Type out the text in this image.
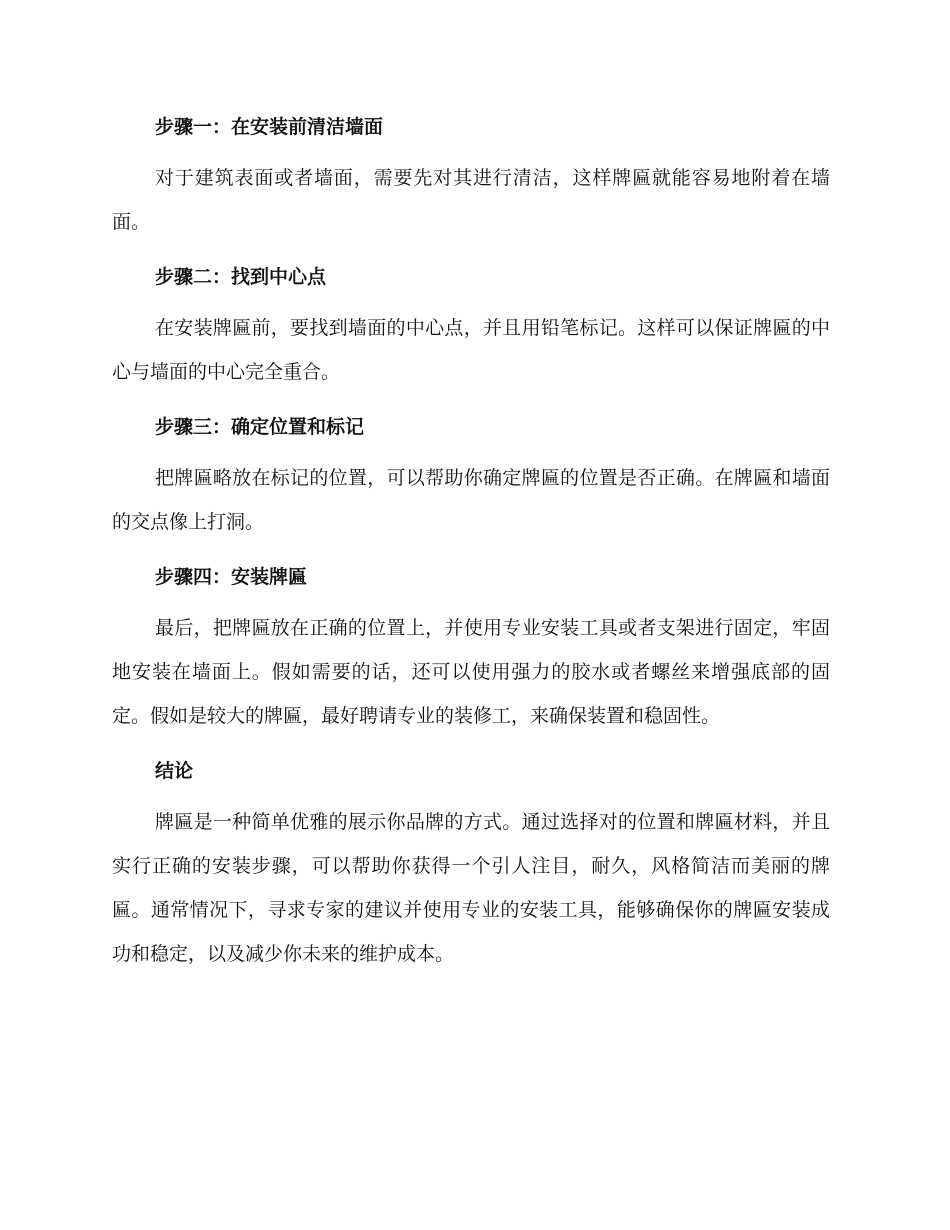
步骤一：在安装前清洁墙面

对于建筑表面或者墙面，需要先对其进行清洁，这样牌匾就能容易地附着在墙面。

步骤二：找到中心点

在安装牌匾前，要找到墙面的中心点，并且用铅笔标记。这样可以保证牌匾的中心与墙面的中心完全重合。

步骤三：确定位置和标记

把牌匾略放在标记的位置，可以帮助你确定牌匾的位置是否正确。在牌匾和墙面的交点像上打洞。

步骤四：安装牌匾

最后，把牌匾放在正确的位置上，并使用专业安装工具或者支架进行固定，牢固地安装在墙面上。假如需要的话，还可以使用强力的胶水或者螺丝来增强底部的固定。假如是较大的牌匾，最好聘请专业的装修工，来确保装置和稳固性。

结论

牌匾是一种简单优雅的展示你品牌的方式。通过选择对的位置和牌匾材料，并且实行正确的安装步骤，可以帮助你获得一个引人注目，耐久，风格简洁而美丽的牌匾。通常情况下，寻求专家的建议并使用专业的安装工具，能够确保你的牌匾安装成功和稳定，以及减少你未来的维护成本。
